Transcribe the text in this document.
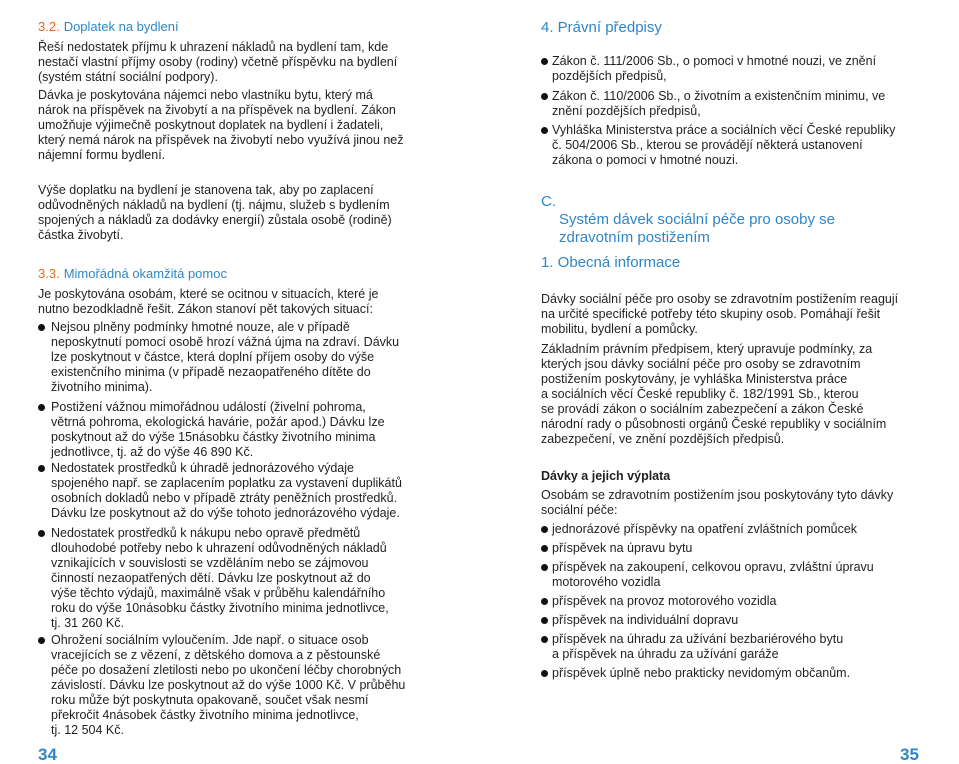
3.2. Doplatek na bydlení

Řeší nedostatek příjmu k uhrazení nákladů na bydlení tam, kde
nestačí vlastní příjmy osoby (rodiny) včetně příspěvku na bydlení
(systém státní sociální podpory).

Dávka je poskytována nájemci nebo vlastníku bytu, který má
nárok na příspěvek na živobytí a na příspěvek na bydlení. Zákon
umožňuje výjimečně poskytnout doplatek na bydlení i žadateli,
který nemá nárok na příspěvek na živobytí nebo využívá jinou než
nájemní formu bydlení.

Výše doplatku na bydlení je stanovena tak, aby po zaplacení
odůvodněných nákladů na bydlení (tj. nájmu, služeb s bydlením
spojených a nákladů za dodávky energií) zůstala osobě (rodině)
částka živobytí.

3.3. Mimořádná okamžitá pomoc

Je poskytována osobám, které se ocitnou v situacích, které je
nutno bezodkladně řešit. Zákon stanoví pět takových situací:

Nejsou plněny podmínky hmotné nouze, ale v případě
neposkytnutí pomoci osobě hrozí vážná újma na zdraví. Dávku
lze poskytnout v částce, která doplní příjem osoby do výše
existenčního minima (v případě nezaopatřeného dítěte do
životního minima).
Postižení vážnou mimořádnou událostí (živelní pohroma,
větrná pohroma, ekologická havárie, požár apod.) Dávku lze
poskytnout až do výše 15násobku částky životního minima
jednotlivce, tj. až do výše 46 890 Kč.
Nedostatek prostředků k úhradě jednorázového výdaje
spojeného např. se zaplacením poplatku za vystavení duplikátů
osobních dokladů nebo v případě ztráty peněžních prostředků.
Dávku lze poskytnout až do výše tohoto jednorázového výdaje.
Nedostatek prostředků k nákupu nebo opravě předmětů
dlouhodobé potřeby nebo k uhrazení odůvodněných nákladů
vznikajících v souvislosti se vzděláním nebo se zájmovou
činností nezaopatřených dětí. Dávku lze poskytnout až do
výše těchto výdajů, maximálně však v průběhu kalendářního
roku do výše 10násobku částky životního minima jednotlivce,
tj. 31 260 Kč.
Ohrožení sociálním vyloučením. Jde např. o situace osob
vracejících se z vězení, z dětského domova a z pěstounské
péče po dosažení zletilosti nebo po ukončení léčby chorobných
závislostí. Dávku lze poskytnout až do výše 1000 Kč. V průběhu
roku může být poskytnuta opakovaně, součet však nesmí
překročit 4násobek částky životního minima jednotlivce,
tj. 12 504 Kč.
34
4. Právní předpisy
Zákon č. 111/2006 Sb., o pomoci v hmotné nouzi, ve znění
pozdějších předpisů,
Zákon č. 110/2006 Sb., o životním a existenčním minimu, ve
znění pozdějších předpisů,
Vyhláška Ministerstva práce a sociálních věcí České republiky
č. 504/2006 Sb., kterou se provádějí některá ustanovení
zákona o pomoci v hmotné nouzi.

C.
Systém dávek sociální péče pro osoby se
zdravotním postižením

1. Obecná informace

Dávky sociální péče pro osoby se zdravotním postižením reagují
na určité specifické potřeby této skupiny osob. Pomáhají řešit
mobilitu, bydlení a pomůcky.

Základním právním předpisem, který upravuje podmínky, za
kterých jsou dávky sociální péče pro osoby se zdravotním
postižením poskytovány, je vyhláška Ministerstva práce
a sociálních věcí České republiky č. 182/1991 Sb., kterou
se provádí zákon o sociálním zabezpečení a zákon České
národní rady o působnosti orgánů České republiky v sociálním
zabezpečení, ve znění pozdějších předpisů.

Dávky a jejich výplata

Osobám se zdravotním postižením jsou poskytovány tyto dávky
sociální péče:

jednorázové příspěvky na opatření zvláštních pomůcek
příspěvek na úpravu bytu
příspěvek na zakoupení, celkovou opravu, zvláštní úpravu
motorového vozidla
příspěvek na provoz motorového vozidla
příspěvek na individuální dopravu
příspěvek na úhradu za užívání bezbariérového bytu
a příspěvek na úhradu za užívání garáže
příspěvek úplně nebo prakticky nevidomým občanům.
35
